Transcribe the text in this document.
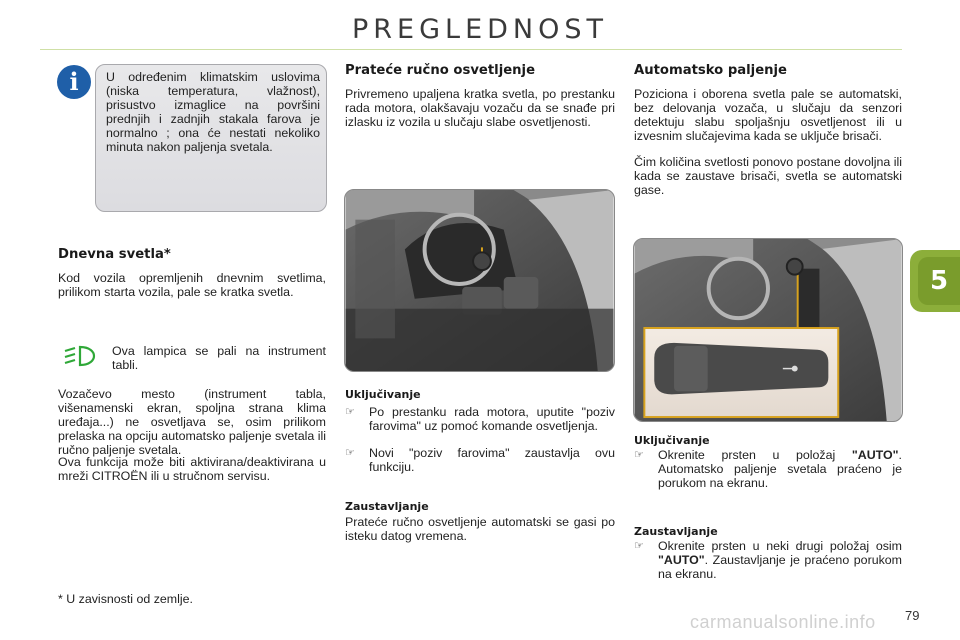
PREGLEDNOST
i	U određenim klimatskim uslovima (niska temperatura, vlažnost), prisustvo izmaglice na površini prednjih i zadnjih stakala farova je normalno ; ona će nestati nekoliko minuta nakon paljenja svetala.
Dnevna svetla*
Kod vozila opremljenih dnevnim svetlima, prilikom starta vozila, pale se kratka svetla.
Ova lampica se pali na instrument tabli.
Vozačevo mesto (instrument tabla, višenamenski ekran, spoljna strana klima uređaja...) ne osvetljava se, osim prilikom prelaska na opciju automatsko paljenje svetala ili ručno paljenje svetala.
Ova funkcija može biti aktivirana/deaktivirana u mreži CITROËN ili u stručnom servisu.
* U zavisnosti od zemlje.
Prateće ručno osvetljenje
Privremeno upaljena kratka svetla, po prestanku rada motora, olakšavaju vozaču da se snađe pri izlasku iz vozila u slučaju slabe osvetljenosti.
Uključivanje
☞ Po prestanku rada motora, uputite "poziv farovima" uz pomoć komande osvetljenja.
☞ Novi "poziv farovima" zaustavlja ovu funkciju.
Zaustavljanje
Prateće ručno osvetljenje automatski se gasi po isteku datog vremena.
Automatsko paljenje
Poziciona i oborena svetla pale se automatski, bez delovanja vozača, u slučaju da senzori detektuju slabu spoljašnju osvetljenost ili u izvesnim slučajevima kada se uključe brisači.
Čim količina svetlosti ponovo postane dovoljna ili kada se zaustave brisači, svetla se automatski gase.
Uključivanje
☞ Okrenite prsten u položaj "AUTO". Automatsko paljenje svetala praćeno je porukom na ekranu.
Zaustavljanje
☞ Okrenite prsten u neki drugi položaj osim "AUTO". Zaustavljanje je praćeno porukom na ekranu.
5
79
carmanualsonline.info
